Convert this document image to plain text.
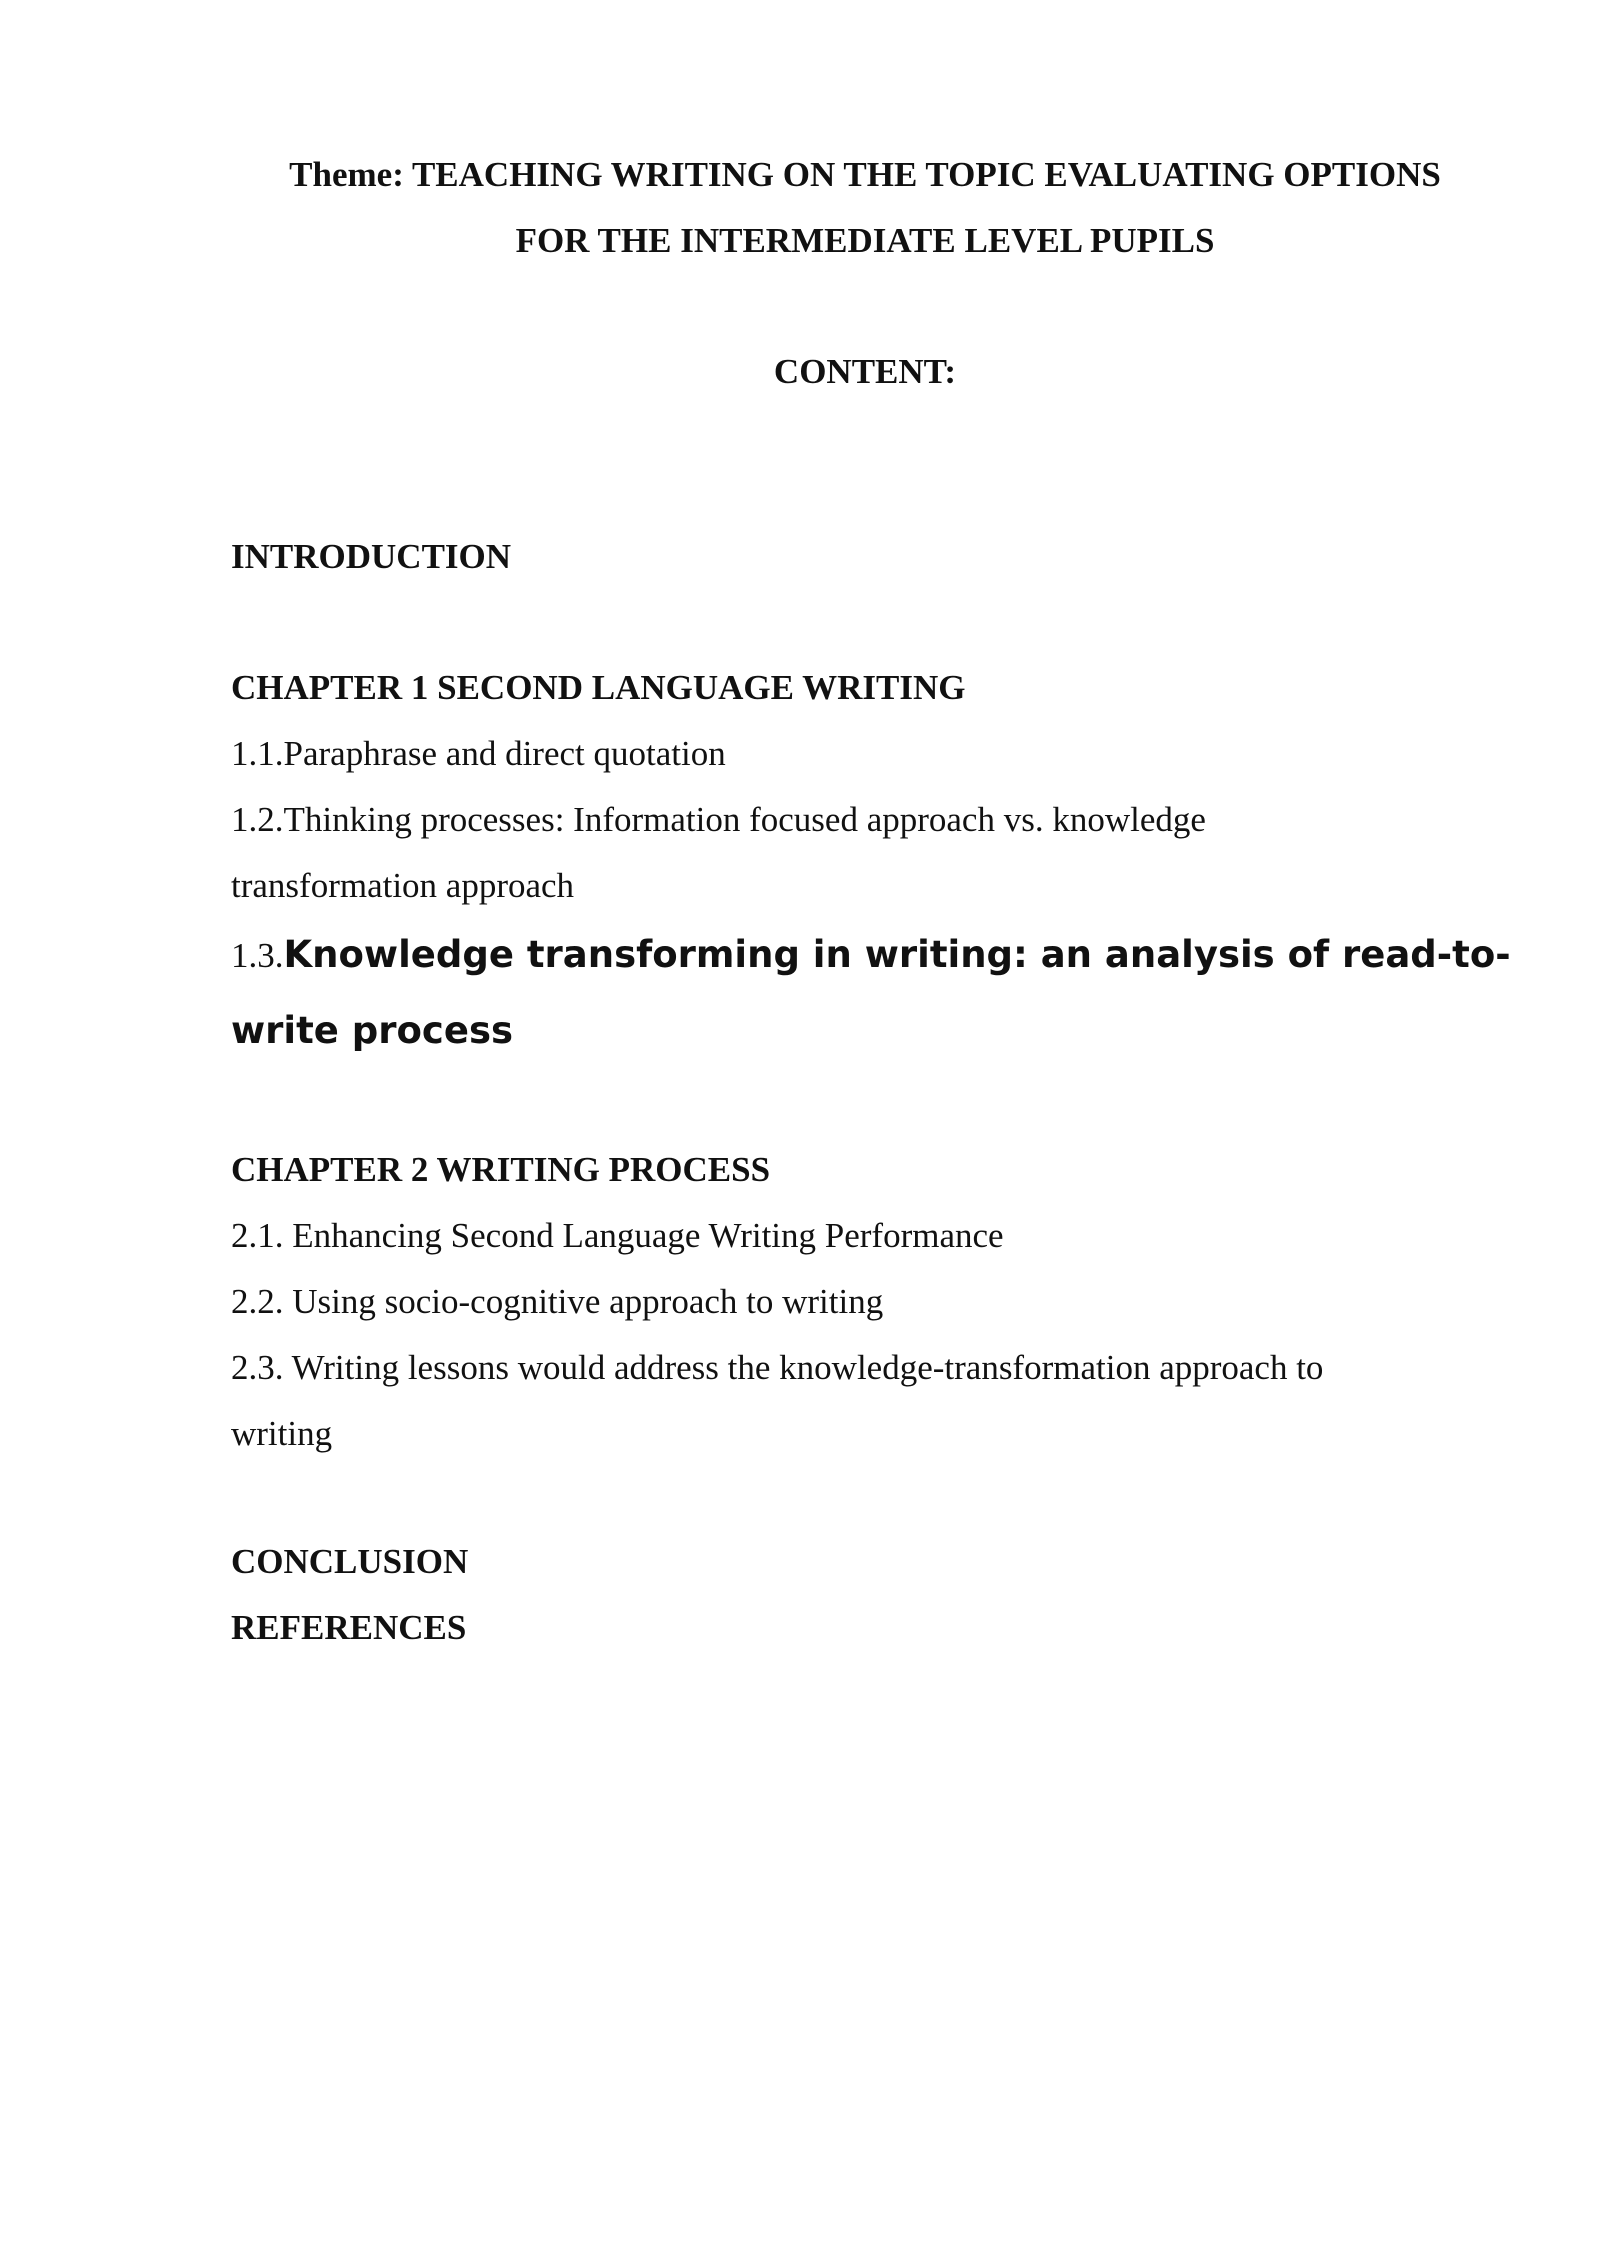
Theme: TEACHING WRITING ON THE TOPIC EVALUATING OPTIONS
FOR THE INTERMEDIATE LEVEL PUPILS
CONTENT:
INTRODUCTION
CHAPTER 1 SECOND LANGUAGE WRITING
1.1.Paraphrase and direct quotation
1.2.Thinking processes: Information focused approach vs. knowledge
transformation approach
1.3.Knowledge transforming in writing: an analysis of read-to-
write process
CHAPTER 2 WRITING PROCESS
2.1. Enhancing Second Language Writing Performance
2.2. Using socio-cognitive approach to writing
2.3. Writing lessons would address the knowledge-transformation approach to
writing
CONCLUSION
REFERENCES
